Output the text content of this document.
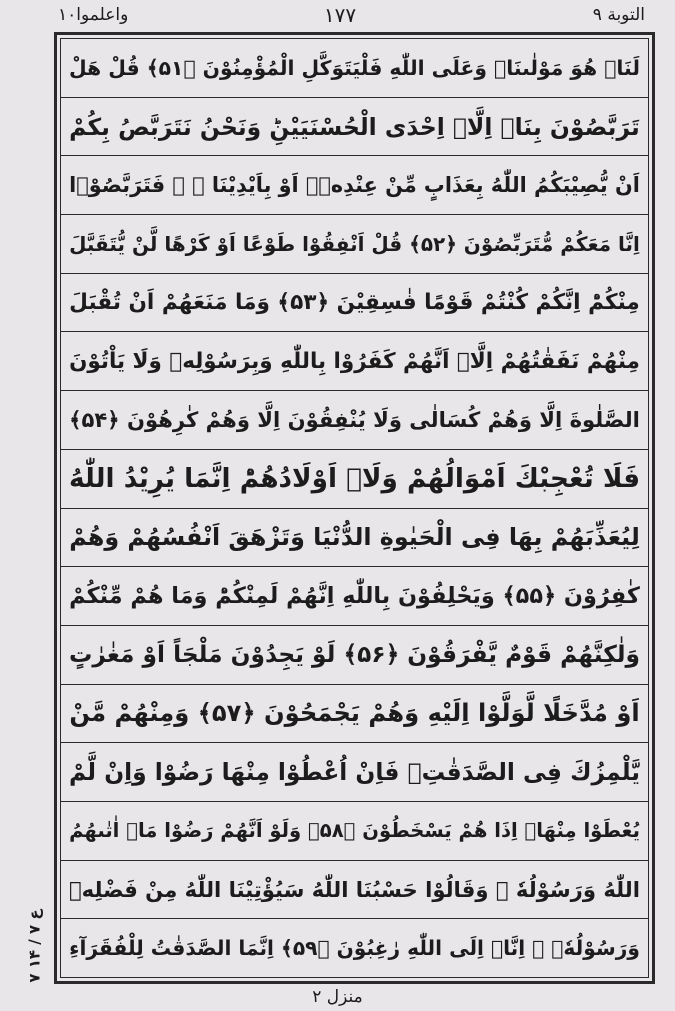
واعلموا۱۰	١٧٧	التوبة ۹
لَنَاۚ هُوَ مَوْلٰىنَاۚ وَعَلَى اللّٰهِ فَلْيَتَوَكَّلِ الْمُؤْمِنُوْنَ ﴿۵۱﴾ قُلْ هَلْ
تَرَبَّصُوْنَ بِنَاۤ اِلَّاۤ اِحْدَى الْحُسْنَيَيْنِؕ وَنَحْنُ نَتَرَبَّصُ بِكُمْ
اَنْ يُّصِيْبَكُمُ اللّٰهُ بِعَذَابٍ مِّنْ عِنْدِهٖۤ اَوْ بِاَيْدِيْنَا ۖ ۫ فَتَرَبَّصُوْۤا
اِنَّا مَعَكُمْ مُّتَرَبِّصُوْنَ ﴿۵۲﴾ قُلْ اَنْفِقُوْا طَوْعًا اَوْ كَرْهًا لَّنْ يُّتَقَبَّلَ
مِنْكُمْؕ اِنَّكُمْ كُنْتُمْ قَوْمًا فٰسِقِيْنَ ﴿۵۳﴾ وَمَا مَنَعَهُمْ اَنْ تُقْبَلَ
مِنْهُمْ نَفَقٰتُهُمْ اِلَّاۤ اَنَّهُمْ كَفَرُوْا بِاللّٰهِ وَبِرَسُوْلِهٖ وَلَا يَاْتُوْنَ
الصَّلٰوةَ اِلَّا وَهُمْ كُسَالٰى وَلَا يُنْفِقُوْنَ اِلَّا وَهُمْ كٰرِهُوْنَ ﴿۵۴﴾
فَلَا تُعْجِبْكَ اَمْوَالُهُمْ وَلَاۤ اَوْلَادُهُمْؕ اِنَّمَا يُرِيْدُ اللّٰهُ
لِيُعَذِّبَهُمْ بِهَا فِى الْحَيٰوةِ الدُّنْيَا وَتَزْهَقَ اَنْفُسُهُمْ وَهُمْ
كٰفِرُوْنَ ﴿۵۵﴾ وَيَحْلِفُوْنَ بِاللّٰهِ اِنَّهُمْ لَمِنْكُمْؕ وَمَا هُمْ مِّنْكُمْ
وَلٰكِنَّهُمْ قَوْمٌ يَّفْرَقُوْنَ ﴿۵۶﴾ لَوْ يَجِدُوْنَ مَلْجَاً اَوْ مَغٰرٰتٍ
اَوْ مُدَّخَلًا لَّوَلَّوْا اِلَيْهِ وَهُمْ يَجْمَحُوْنَ ﴿۵۷﴾ وَمِنْهُمْ مَّنْ
يَّلْمِزُكَ فِى الصَّدَقٰتِۚ فَاِنْ اُعْطُوْا مِنْهَا رَضُوْا وَاِنْ لَّمْ
يُعْطَوْا مِنْهَاۤ اِذَا هُمْ يَسْخَطُوْنَ ﴿۵۸﴾ وَلَوْ اَنَّهُمْ رَضُوْا مَاۤ اٰتٰىهُمُ
اللّٰهُ وَرَسُوْلُهٗ ۙ وَقَالُوْا حَسْبُنَا اللّٰهُ سَيُؤْتِيْنَا اللّٰهُ مِنْ فَضْلِهٖ
وَرَسُوْلُهٗۤ ۙ اِنَّاۤ اِلَى اللّٰهِ رٰغِبُوْنَ ﴿۵۹﴾ اِنَّمَا الصَّدَقٰتُ لِلْفُقَرَآءِ
۷ ع ۷ / ۱۴
منزل ٢
